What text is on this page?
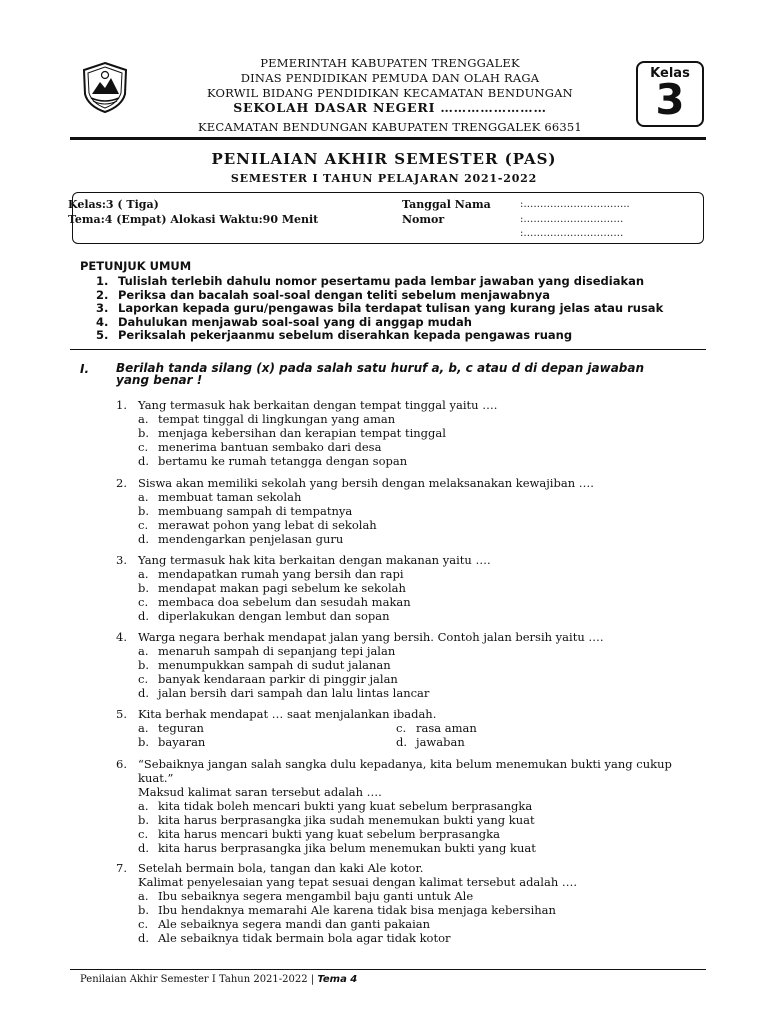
PEMERINTAH KABUPATEN TRENGGALEK
DINAS PENDIDIKAN PEMUDA DAN OLAH RAGA
KORWIL BIDANG PENDIDIKAN KECAMATAN BENDUNGAN
SEKOLAH DASAR NEGERI ……………………
KECAMATAN BENDUNGAN KABUPATEN TRENGGALEK 66351
Kelas
3
PENILAIAN AKHIR SEMESTER (PAS)
SEMESTER I TAHUN PELAJARAN 2021-2022
Kelas:3 ( Tiga)
Tema:4 (Empat) Alokasi Waktu:90 Menit
Tanggal Nama
Nomor
:…………………………..
:…………………………
:…………………………
PETUNJUK UMUM
1. Tulislah terlebih dahulu nomor pesertamu pada lembar jawaban yang disediakan
2. Periksa dan bacalah soal-soal dengan teliti sebelum menjawabnya
3. Laporkan kepada guru/pengawas bila terdapat tulisan yang kurang jelas atau rusak
4. Dahulukan menjawab soal-soal yang di anggap mudah
5. Periksalah pekerjaanmu sebelum diserahkan kepada pengawas ruang
I. Berilah tanda silang (x) pada salah satu huruf a, b, c atau d di depan jawaban yang benar !
1. Yang termasuk hak berkaitan dengan tempat tinggal yaitu ….
a. tempat tinggal di lingkungan yang aman
b. menjaga kebersihan dan kerapian tempat tinggal
c. menerima bantuan sembako dari desa
d. bertamu ke rumah tetangga dengan sopan
2. Siswa akan memiliki sekolah yang bersih dengan melaksanakan kewajiban ….
a. membuat taman sekolah
b. membuang sampah di tempatnya
c. merawat pohon yang lebat di sekolah
d. mendengarkan penjelasan guru
3. Yang termasuk hak kita berkaitan dengan makanan yaitu ….
a. mendapatkan rumah yang bersih dan rapi
b. mendapat makan pagi sebelum ke sekolah
c. membaca doa sebelum dan sesudah makan
d. diperlakukan dengan lembut dan sopan
4. Warga negara berhak mendapat jalan yang bersih. Contoh jalan bersih yaitu ….
a. menaruh sampah di sepanjang tepi jalan
b. menumpukkan sampah di sudut jalanan
c. banyak kendaraan parkir di pinggir jalan
d. jalan bersih dari sampah dan lalu lintas lancar
5. Kita berhak mendapat … saat menjalankan ibadah.
a. teguran	c. rasa aman
b. bayaran	d. jawaban
6. “Sebaiknya jangan salah sangka dulu kepadanya, kita belum menemukan bukti yang cukup
kuat.”
Maksud kalimat saran tersebut adalah ….
a. kita tidak boleh mencari bukti yang kuat sebelum berprasangka
b. kita harus berprasangka jika sudah menemukan bukti yang kuat
c. kita harus mencari bukti yang kuat sebelum berprasangka
d. kita harus berprasangka jika belum menemukan bukti yang kuat
7. Setelah bermain bola, tangan dan kaki Ale kotor.
Kalimat penyelesaian yang tepat sesuai dengan kalimat tersebut adalah ….
a. Ibu sebaiknya segera mengambil baju ganti untuk Ale
b. Ibu hendaknya memarahi Ale karena tidak bisa menjaga kebersihan
c. Ale sebaiknya segera mandi dan ganti pakaian
d. Ale sebaiknya tidak bermain bola agar tidak kotor
Penilaian Akhir Semester I Tahun 2021-2022 | Tema 4
